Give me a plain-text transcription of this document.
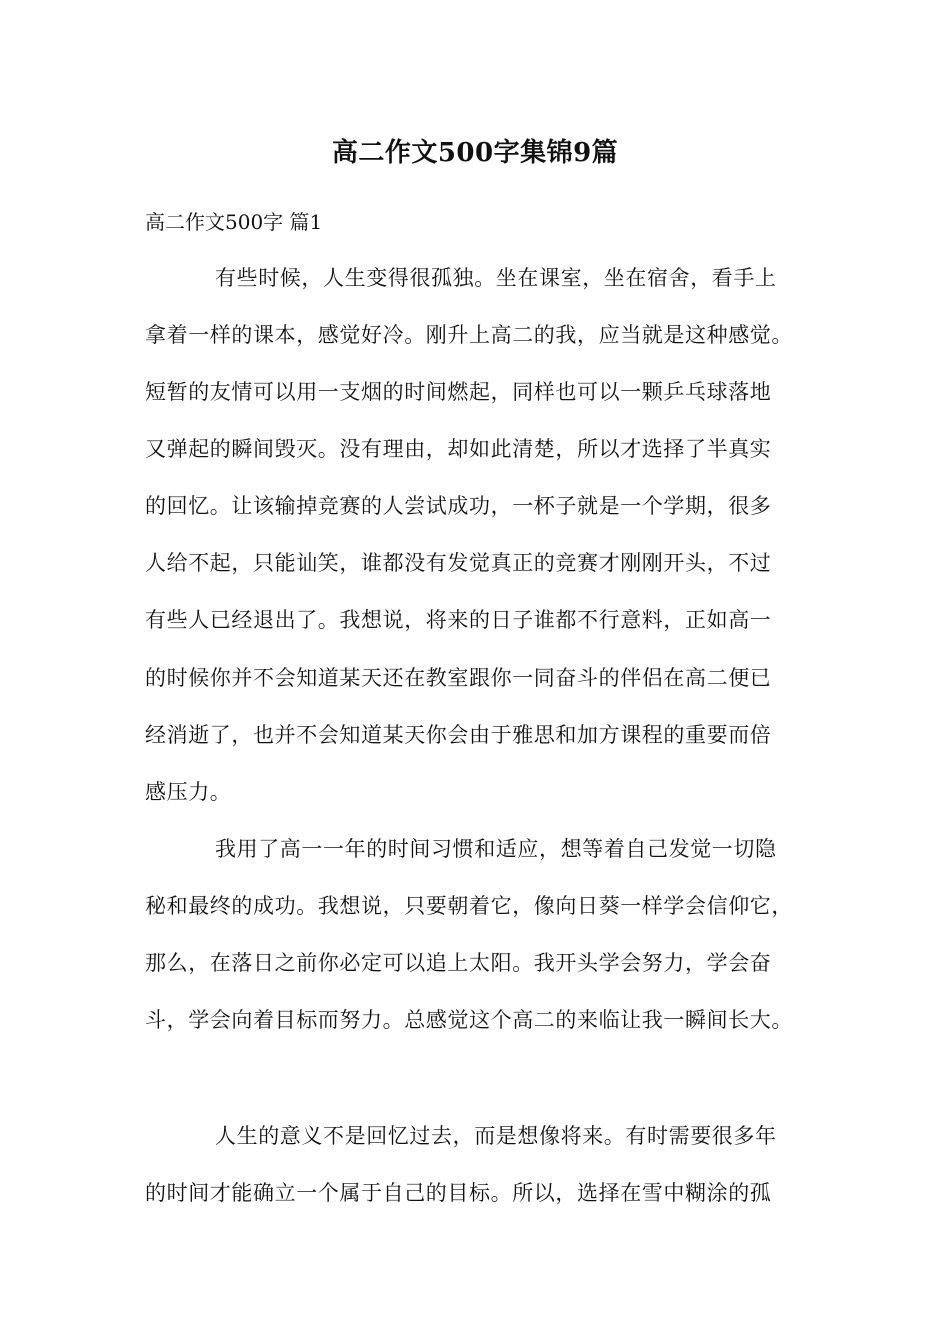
高二作文500字集锦9篇
高二作文500字 篇1
有些时候，人生变得很孤独。坐在课室，坐在宿舍，看手上
拿着一样的课本，感觉好冷。刚升上高二的我，应当就是这种感觉。
短暂的友情可以用一支烟的时间燃起，同样也可以一颗乒乓球落地
又弹起的瞬间毁灭。没有理由，却如此清楚，所以才选择了半真实
的回忆。让该输掉竞赛的人尝试成功，一杯子就是一个学期，很多
人给不起，只能讪笑，谁都没有发觉真正的竞赛才刚刚开头，不过
有些人已经退出了。我想说，将来的日子谁都不行意料，正如高一
的时候你并不会知道某天还在教室跟你一同奋斗的伴侣在高二便已
经消逝了，也并不会知道某天你会由于雅思和加方课程的重要而倍
感压力。
我用了高一一年的时间习惯和适应，想等着自己发觉一切隐
秘和最终的成功。我想说，只要朝着它，像向日葵一样学会信仰它，
那么，在落日之前你必定可以追上太阳。我开头学会努力，学会奋
斗，学会向着目标而努力。总感觉这个高二的来临让我一瞬间长大。
人生的意义不是回忆过去，而是想像将来。有时需要很多年
的时间才能确立一个属于自己的目标。所以，选择在雪中糊涂的孤
